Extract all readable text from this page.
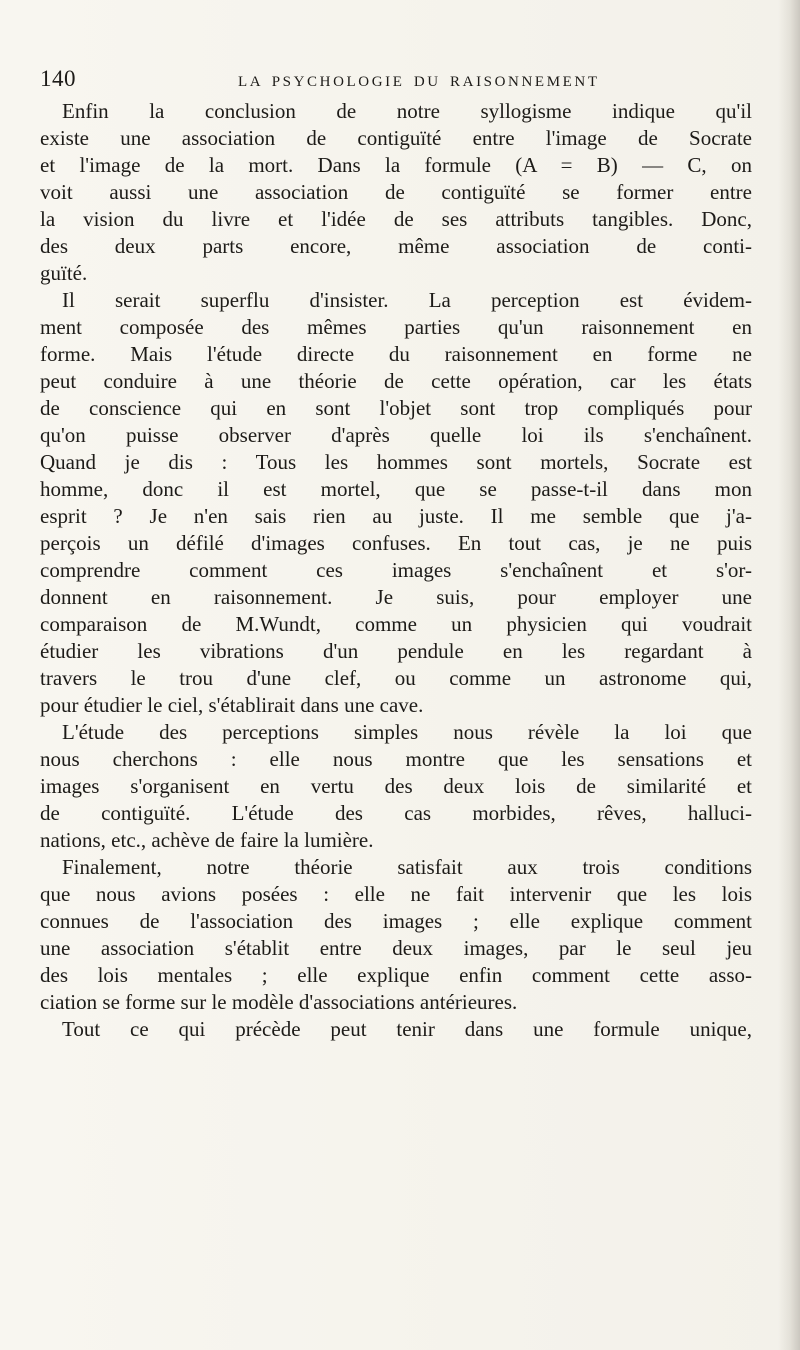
140	LA PSYCHOLOGIE DU RAISONNEMENT
Enfin la conclusion de notre syllogisme indique qu'il
existe une association de contiguïté entre l'image de Socrate
et l'image de la mort. Dans la formule (A = B) — C, on
voit aussi une association de contiguïté se former entre
la vision du livre et l'idée de ses attributs tangibles. Donc,
des deux parts encore, même association de conti-
guïté.
Il serait superflu d'insister. La perception est évidem-
ment composée des mêmes parties qu'un raisonnement en
forme. Mais l'étude directe du raisonnement en forme ne
peut conduire à une théorie de cette opération, car les états
de conscience qui en sont l'objet sont trop compliqués pour
qu'on puisse observer d'après quelle loi ils s'enchaînent.
Quand je dis : Tous les hommes sont mortels, Socrate est
homme, donc il est mortel, que se passe-t-il dans mon
esprit ? Je n'en sais rien au juste. Il me semble que j'a-
perçois un défilé d'images confuses. En tout cas, je ne puis
comprendre comment ces images s'enchaînent et s'or-
donnent en raisonnement. Je suis, pour employer une
comparaison de M.Wundt, comme un physicien qui voudrait
étudier les vibrations d'un pendule en les regardant à
travers le trou d'une clef, ou comme un astronome qui,
pour étudier le ciel, s'établirait dans une cave.
L'étude des perceptions simples nous révèle la loi que
nous cherchons : elle nous montre que les sensations et
images s'organisent en vertu des deux lois de similarité et
de contiguïté. L'étude des cas morbides, rêves, halluci-
nations, etc., achève de faire la lumière.
Finalement, notre théorie satisfait aux trois conditions
que nous avions posées : elle ne fait intervenir que les lois
connues de l'association des images ; elle explique comment
une association s'établit entre deux images, par le seul jeu
des lois mentales ; elle explique enfin comment cette asso-
ciation se forme sur le modèle d'associations antérieures.
Tout ce qui précède peut tenir dans une formule unique,
